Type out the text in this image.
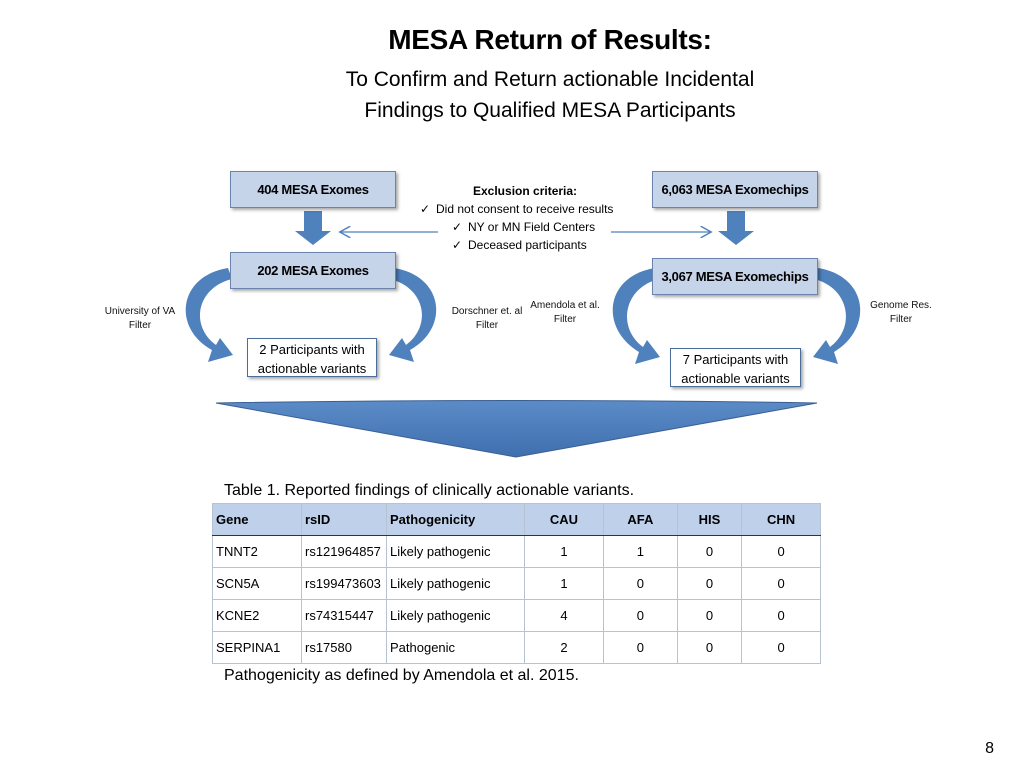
MESA Return of Results:
To Confirm and Return actionable Incidental
Findings to Qualified MESA Participants
404 MESA Exomes
202 MESA Exomes
2 Participants with
actionable variants
University of VA
Filter
Dorschner et. al
Filter
6,063 MESA Exomechips
3,067 MESA Exomechips
7 Participants with
actionable variants
Amendola et al.
Filter
Genome Res.
Filter
Exclusion criteria:
✓ Did not consent to receive results
✓ NY or MN Field Centers
✓ Deceased participants
Table 1. Reported findings of clinically actionable variants.
Gene	rsID	Pathogenicity	CAU	AFA	HIS	CHN
TNNT2	rs121964857	Likely pathogenic	1	1	0	0
SCN5A	rs199473603	Likely pathogenic	1	0	0	0
KCNE2	rs74315447	Likely pathogenic	4	0	0	0
SERPINA1	rs17580	Pathogenic	2	0	0	0
Pathogenicity as defined by Amendola et al. 2015.
8
